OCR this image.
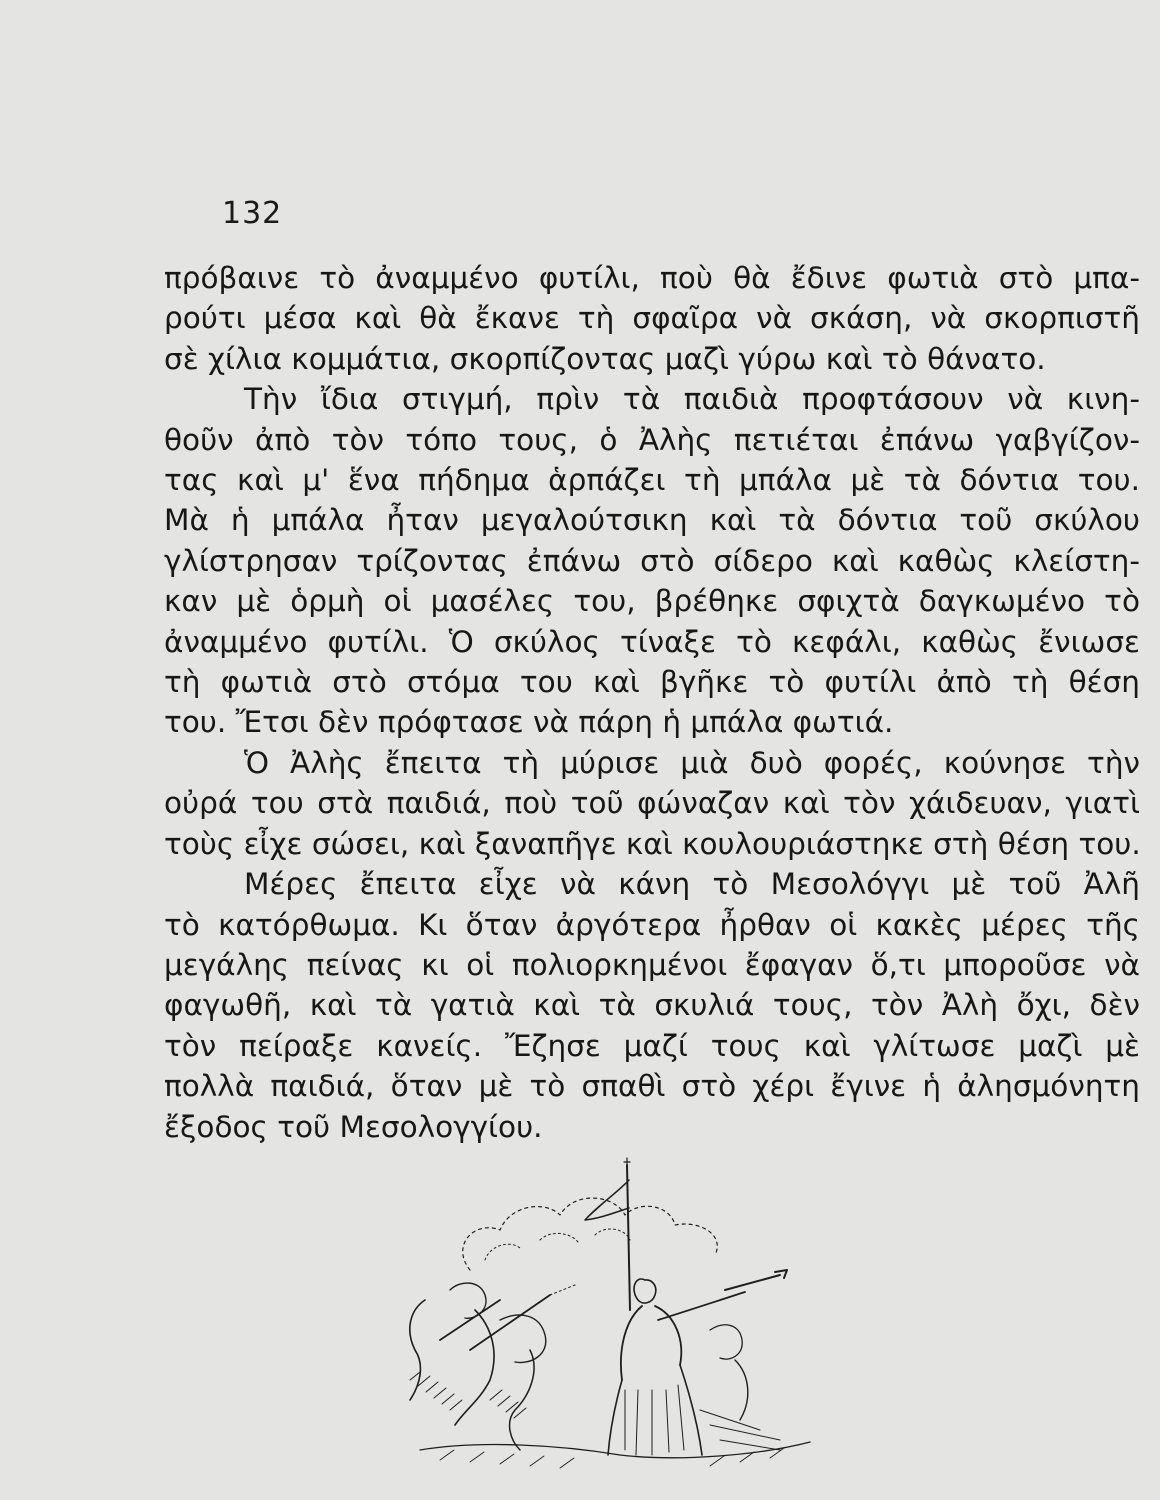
132
πρόβαινε τὸ ἀναμμένο φυτίλι, ποὺ θὰ ἔδινε φωτιὰ στὸ μπα-
ρούτι μέσα καὶ θὰ ἔκανε τὴ σφαῖρα νὰ σκάση, νὰ σκορπιστῆ
σὲ χίλια κομμάτια, σκορπίζοντας μαζὶ γύρω καὶ τὸ θάνατο.
Τὴν ἴδια στιγμή, πρὶν τὰ παιδιὰ προφτάσουν νὰ κινη-
θοῦν ἀπὸ τὸν τόπο τους, ὁ Ἀλὴς πετιέται ἐπάνω γαβγίζον-
τας καὶ μ' ἕνα πήδημα ἁρπάζει τὴ μπάλα μὲ τὰ δόντια του.
Μὰ ἡ μπάλα ἦταν μεγαλούτσικη καὶ τὰ δόντια τοῦ σκύλου
γλίστρησαν τρίζοντας ἐπάνω στὸ σίδερο καὶ καθὼς κλείστη-
καν μὲ ὁρμὴ οἱ μασέλες του, βρέθηκε σφιχτὰ δαγκωμένο τὸ
ἀναμμένο φυτίλι. Ὁ σκύλος τίναξε τὸ κεφάλι, καθὼς ἔνιωσε
τὴ φωτιὰ στὸ στόμα του καὶ βγῆκε τὸ φυτίλι ἀπὸ τὴ θέση
του. Ἔτσι δὲν πρόφτασε νὰ πάρη ἡ μπάλα φωτιά.
Ὁ Ἀλὴς ἔπειτα τὴ μύρισε μιὰ δυὸ φορές, κούνησε τὴν
οὐρά του στὰ παιδιά, ποὺ τοῦ φώναζαν καὶ τὸν χάιδευαν, γιατὶ
τοὺς εἶχε σώσει, καὶ ξαναπῆγε καὶ κουλουριάστηκε στὴ θέση του.
Μέρες ἔπειτα εἶχε νὰ κάνη τὸ Μεσολόγγι μὲ τοῦ Ἀλῆ
τὸ κατόρθωμα. Κι ὅταν ἀργότερα ἦρθαν οἱ κακὲς μέρες τῆς
μεγάλης πείνας κι οἱ πολιορκημένοι ἔφαγαν ὅ,τι μποροῦσε νὰ
φαγωθῆ, καὶ τὰ γατιὰ καὶ τὰ σκυλιά τους, τὸν Ἀλὴ ὄχι, δὲν
τὸν πείραξε κανείς. Ἔζησε μαζί τους καὶ γλίτωσε μαζὶ μὲ
πολλὰ παιδιά, ὅταν μὲ τὸ σπαθὶ στὸ χέρι ἔγινε ἡ ἀλησμόνητη
ἔξοδος τοῦ Μεσολογγίου.
